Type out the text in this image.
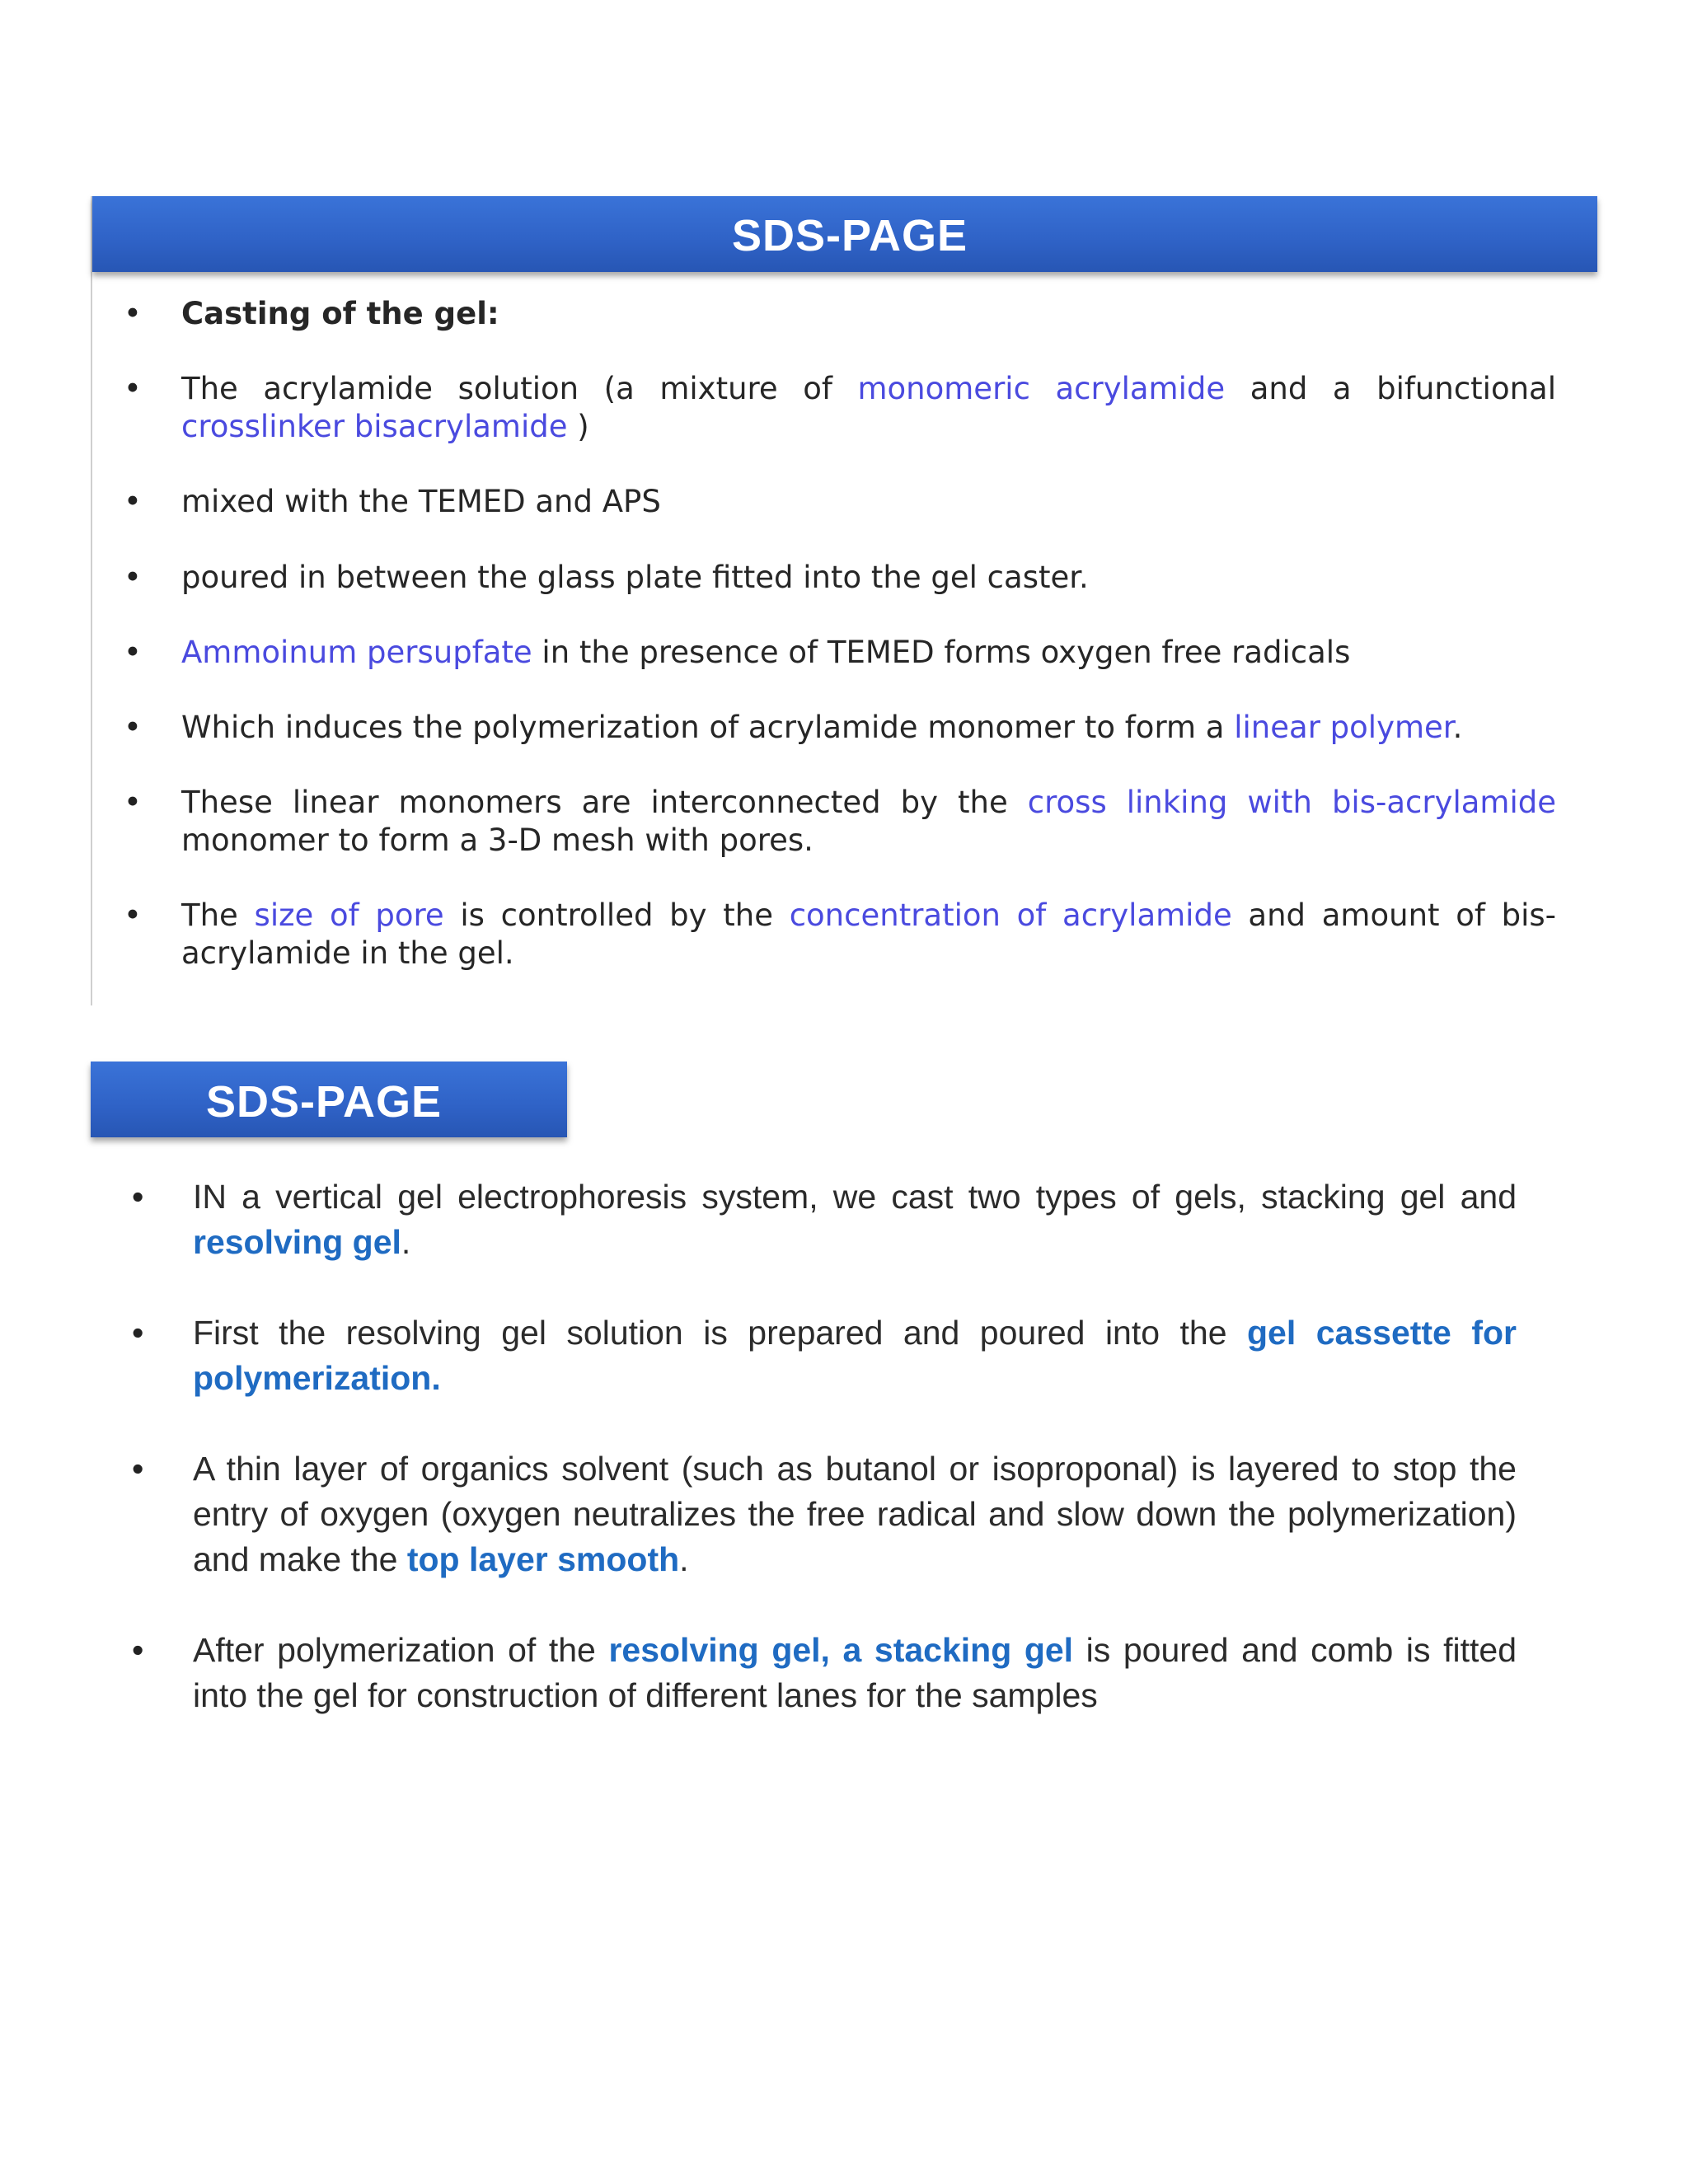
SDS-PAGE
• Casting of the gel:
• The acrylamide solution (a mixture of monomeric acrylamide and a bifunctional crosslinker bisacrylamide )
• mixed with the TEMED and APS
• poured in between the glass plate fitted into the gel caster.
• Ammoinum persupfate in the presence of TEMED forms oxygen free radicals
• Which induces the polymerization of acrylamide monomer to form a linear polymer.
• These linear monomers are interconnected by the cross linking with bis-acrylamide monomer to form a 3-D mesh with pores.
• The size of pore is controlled by the concentration of acrylamide and amount of bis-acrylamide in the gel.
SDS-PAGE
• IN a vertical gel electrophoresis system, we cast two types of gels, stacking gel and resolving gel.
• First the resolving gel solution is prepared and poured into the gel cassette for polymerization.
• A thin layer of organics solvent (such as butanol or isoproponal) is layered to stop the entry of oxygen (oxygen neutralizes the free radical and slow down the polymerization) and make the top layer smooth.
• After polymerization of the resolving gel, a stacking gel is poured and comb is fitted into the gel for construction of different lanes for the samples
